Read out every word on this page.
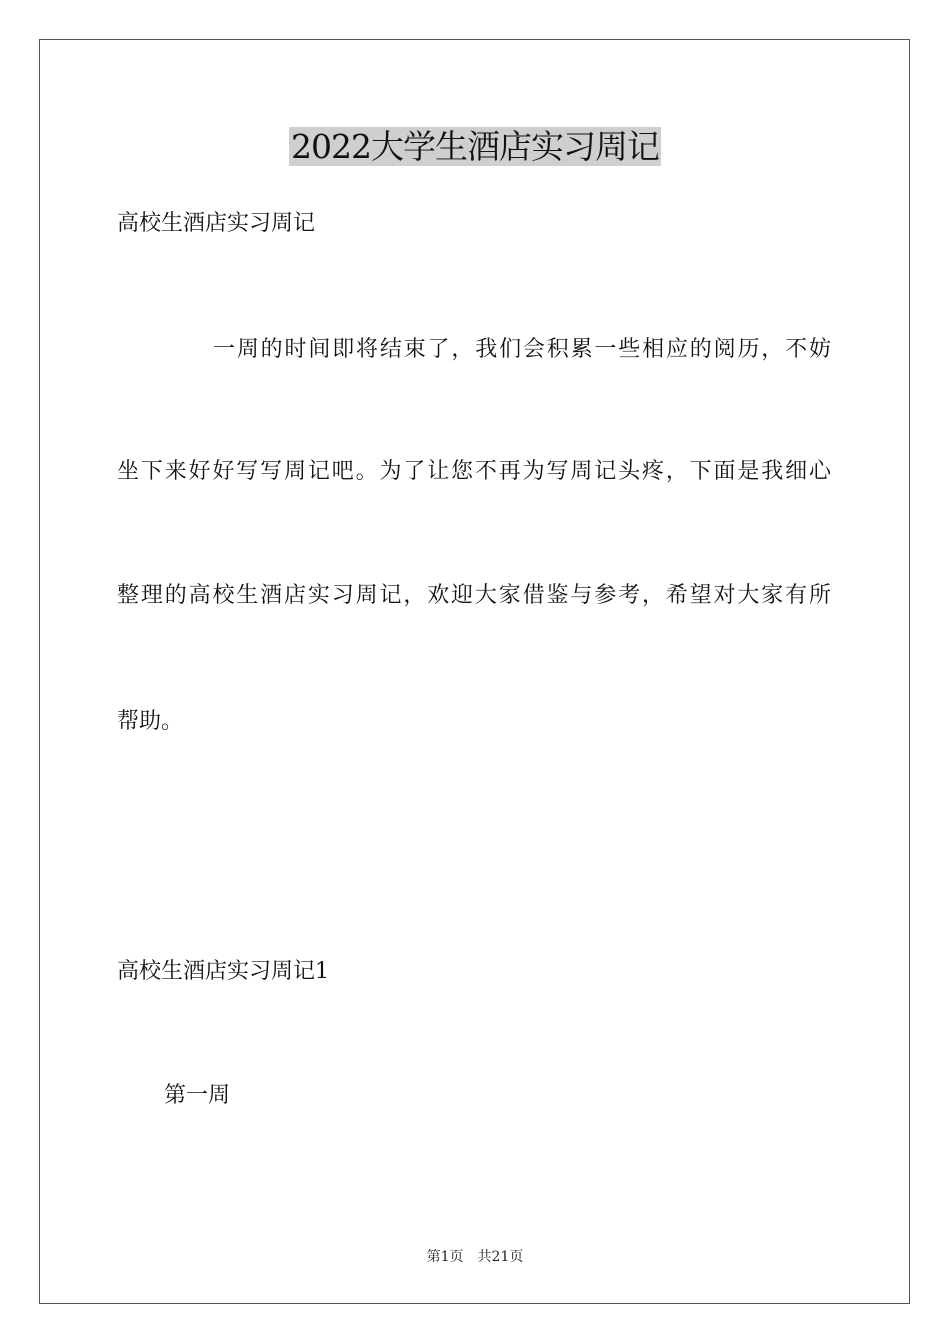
2022大学生酒店实习周记
高校生酒店实习周记
一周的时间即将结束了，我们会积累一些相应的阅历，不妨
坐下来好好写写周记吧。为了让您不再为写周记头疼，下面是我细心
整理的高校生酒店实习周记，欢迎大家借鉴与参考，希望对大家有所
帮助。
高校生酒店实习周记1
第一周
第1页　共21页
